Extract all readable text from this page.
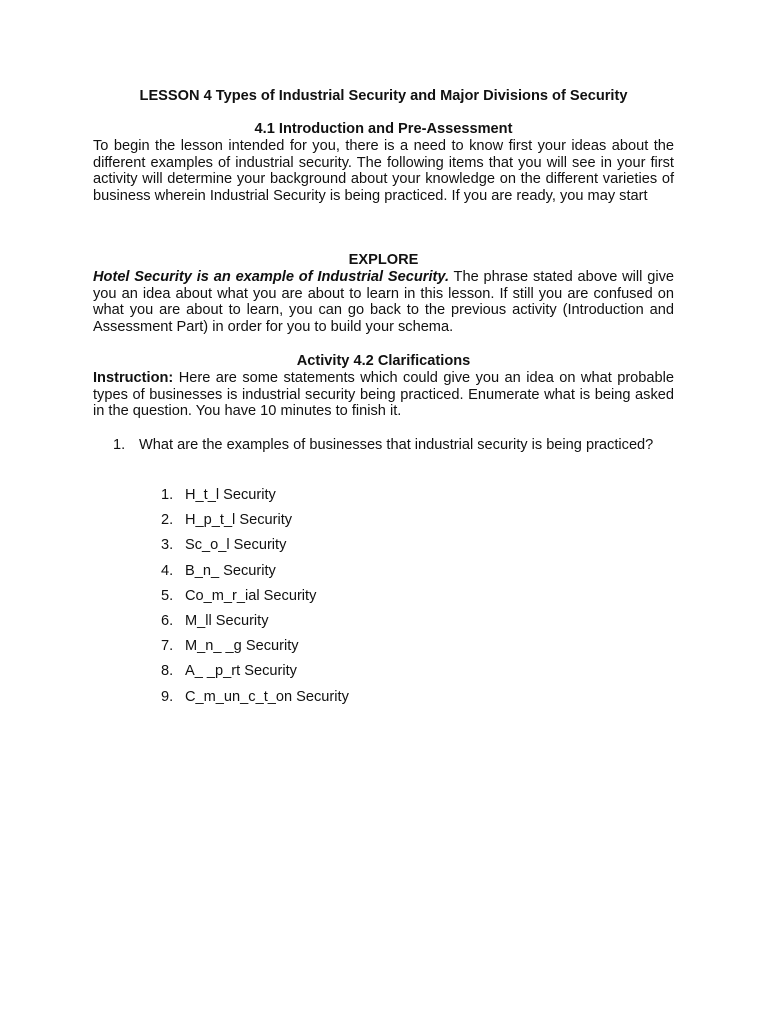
LESSON 4 Types of Industrial Security and Major Divisions of Security
4.1 Introduction and Pre-Assessment

To begin the lesson intended for you, there is a need to know first your ideas about the different examples of industrial security. The following items that you will see in your first activity will determine your background about your knowledge on the different varieties of business wherein Industrial Security is being practiced. If you are ready, you may start

EXPLORE

Hotel Security is an example of Industrial Security. The phrase stated above will give you an idea about what you are about to learn in this lesson. If still you are confused on what you are about to learn, you can go back to the previous activity (Introduction and Assessment Part) in order for you to build your schema.

Activity 4.2 Clarifications

Instruction: Here are some statements which could give you an idea on what probable types of businesses is industrial security being practiced. Enumerate what is being asked in the question. You have 10 minutes to finish it.

1. What are the examples of businesses that industrial security is being practiced?
1. H_t_l Security
2. H_p_t_l Security
3. Sc_o_l Security
4. B_n_ Security
5. Co_m_r_ial Security
6. M_ll Security
7. M_n_ _g Security
8. A_ _p_rt Security
9. C_m_un_c_t_on Security
